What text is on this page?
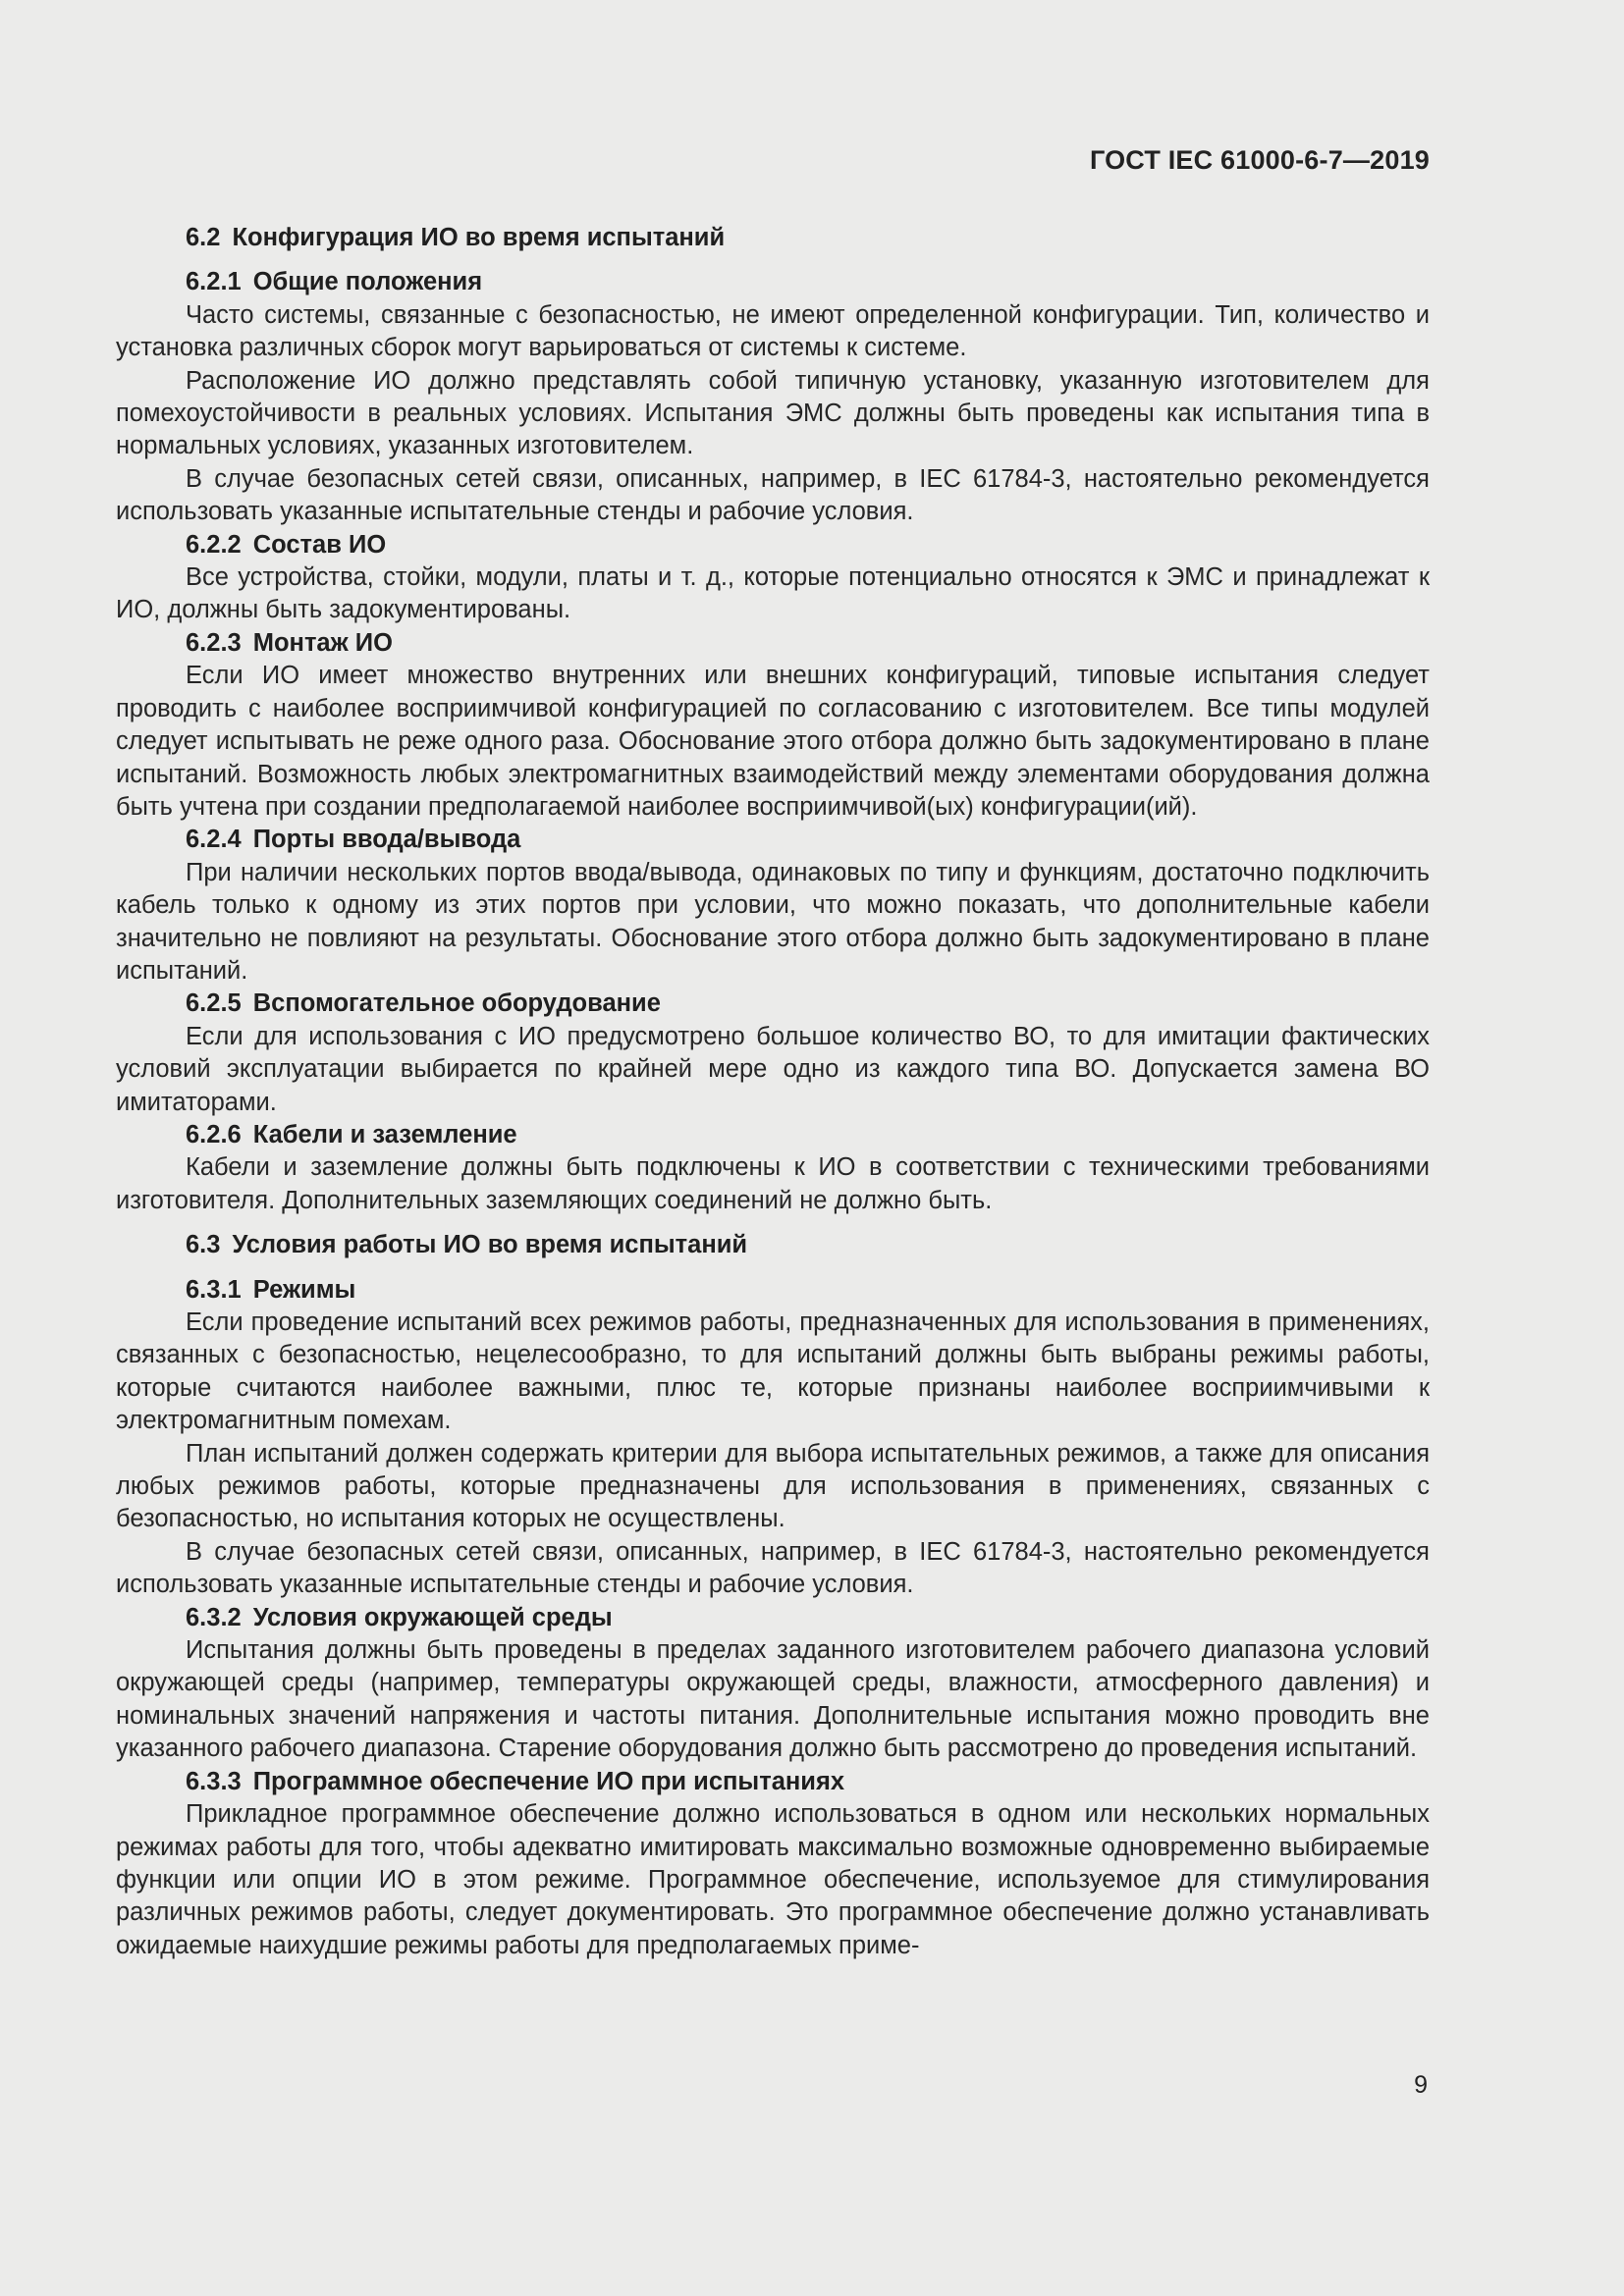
ГОСТ IEC 61000-6-7—2019
6.2 Конфигурация ИО во время испытаний
6.2.1 Общие положения

Часто системы, связанные с безопасностью, не имеют определенной конфигурации. Тип, количество и установка различных сборок могут варьироваться от системы к системе.

Расположение ИО должно представлять собой типичную установку, указанную изготовителем для помехоустойчивости в реальных условиях. Испытания ЭМС должны быть проведены как испытания типа в нормальных условиях, указанных изготовителем.

В случае безопасных сетей связи, описанных, например, в IEC 61784-3, настоятельно рекомендуется использовать указанные испытательные стенды и рабочие условия.

6.2.2 Состав ИО

Все устройства, стойки, модули, платы и т. д., которые потенциально относятся к ЭМС и принадлежат к ИО, должны быть задокументированы.

6.2.3 Монтаж ИО

Если ИО имеет множество внутренних или внешних конфигураций, типовые испытания следует проводить с наиболее восприимчивой конфигурацией по согласованию с изготовителем. Все типы модулей следует испытывать не реже одного раза. Обоснование этого отбора должно быть задокументировано в плане испытаний. Возможность любых электромагнитных взаимодействий между элементами оборудования должна быть учтена при создании предполагаемой наиболее восприимчивой(ых) конфигурации(ий).

6.2.4 Порты ввода/вывода

При наличии нескольких портов ввода/вывода, одинаковых по типу и функциям, достаточно подключить кабель только к одному из этих портов при условии, что можно показать, что дополнительные кабели значительно не повлияют на результаты. Обоснование этого отбора должно быть задокументировано в плане испытаний.

6.2.5 Вспомогательное оборудование

Если для использования с ИО предусмотрено большое количество ВО, то для имитации фактических условий эксплуатации выбирается по крайней мере одно из каждого типа ВО. Допускается замена ВО имитаторами.

6.2.6 Кабели и заземление

Кабели и заземление должны быть подключены к ИО в соответствии с техническими требованиями изготовителя. Дополнительных заземляющих соединений не должно быть.

6.3 Условия работы ИО во время испытаний
6.3.1 Режимы

Если проведение испытаний всех режимов работы, предназначенных для использования в применениях, связанных с безопасностью, нецелесообразно, то для испытаний должны быть выбраны режимы работы, которые считаются наиболее важными, плюс те, которые признаны наиболее восприимчивыми к электромагнитным помехам.

План испытаний должен содержать критерии для выбора испытательных режимов, а также для описания любых режимов работы, которые предназначены для использования в применениях, связанных с безопасностью, но испытания которых не осуществлены.

В случае безопасных сетей связи, описанных, например, в IEC 61784-3, настоятельно рекомендуется использовать указанные испытательные стенды и рабочие условия.

6.3.2 Условия окружающей среды

Испытания должны быть проведены в пределах заданного изготовителем рабочего диапазона условий окружающей среды (например, температуры окружающей среды, влажности, атмосферного давления) и номинальных значений напряжения и частоты питания. Дополнительные испытания можно проводить вне указанного рабочего диапазона. Старение оборудования должно быть рассмотрено до проведения испытаний.

6.3.3 Программное обеспечение ИО при испытаниях

Прикладное программное обеспечение должно использоваться в одном или нескольких нормальных режимах работы для того, чтобы адекватно имитировать максимально возможные одновременно выбираемые функции или опции ИО в этом режиме. Программное обеспечение, используемое для стимулирования различных режимов работы, следует документировать. Это программное обеспечение должно устанавливать ожидаемые наихудшие режимы работы для предполагаемых приме-

9
